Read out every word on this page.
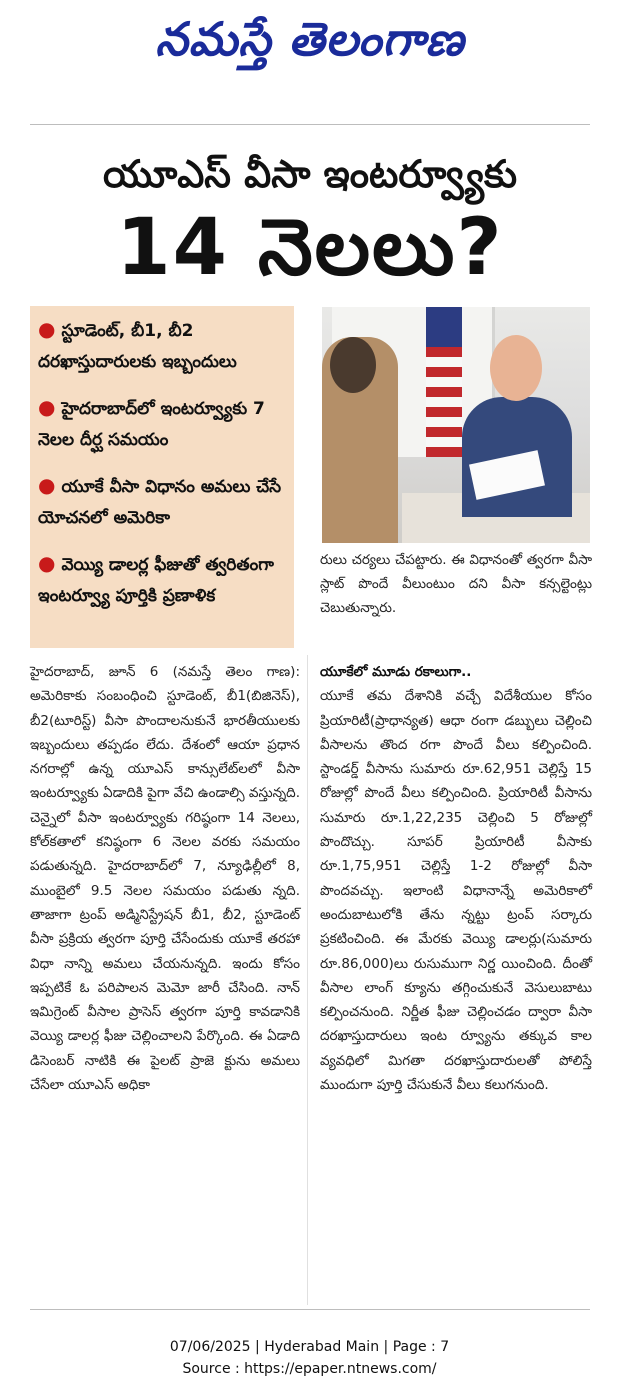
నమస్తే తెలంగాణ
యూఎస్ వీసా ఇంటర్వ్యూకు
14 నెలలు?
● స్టూడెంట్, బీ1, బీ2 దరఖాస్తుదారులకు ఇబ్బందులు
● హైదరాబాద్‌లో ఇంటర్వ్యూకు 7 నెలల దీర్ఘ సమయం
● యూకే వీసా విధానం అమలు చేసే యోచనలో అమెరికా
● వెయ్యి డాలర్ల ఫీజుతో త్వరితంగా ఇంటర్వ్యూ పూర్తికి ప్రణాళిక
రులు చర్యలు చేపట్టారు. ఈ విధానంతో త్వరగా వీసా స్లాట్ పొందే వీలుంటుం దని వీసా కన్సల్టెంట్లు చెబుతున్నారు.
హైదరాబాద్, జూన్ 6 (నమస్తే తెలం గాణ): అమెరికాకు సంబంధించి స్టూడెంట్, బీ1(బిజినెస్), బీ2(టూరిస్ట్) వీసా పొందాలనుకునే భారతీయులకు ఇబ్బందులు తప్పడం లేదు. దేశంలో ఆయా ప్రధాన నగరాల్లో ఉన్న యూఎస్ కాన్సులేట్‌లలో వీసా ఇంటర్వ్యూకు ఏడాదికి పైగా వేచి ఉండాల్సి వస్తున్నది. చెన్నైలో వీసా ఇంటర్వ్యూకు గరిష్ఠంగా 14 నెలలు, కోల్‌కతాలో కనిష్ఠంగా 6 నెలల వరకు సమయం పడుతున్నది. హైదరాబాద్‌లో 7, న్యూఢిల్లీలో 8, ముంబైలో 9.5 నెలల సమయం పడుతు న్నది. తాజాగా ట్రంప్ అడ్మినిస్ట్రేషన్ బీ1, బీ2, స్టూడెంట్ వీసా ప్రక్రియ త్వరగా పూర్తి చేసేందుకు యూకే తరహా విధా నాన్ని అమలు చేయనున్నది. ఇందు కోసం ఇప్పటికే ఓ పరిపాలన మెమో జారీ చేసింది. నాన్ ఇమిగ్రెంట్ వీసాల ప్రాసెస్ త్వరగా పూర్తి కావడానికి వెయ్యి డాలర్ల ఫీజు చెల్లించాలని పేర్కొంది. ఈ ఏడాది డిసెంబర్ నాటికి ఈ పైలట్ ప్రాజె క్టును అమలు చేసేలా యూఎస్ అధికా
యూకేలో మూడు రకాలుగా..
యూకే తమ దేశానికి వచ్చే విదేశీయుల కోసం ప్రియారిటీ(ప్రాధాన్యత) ఆధా రంగా డబ్బులు చెల్లించి వీసాలను తొంద రగా పొందే వీలు కల్పించింది. స్టాండర్డ్ వీసాను సుమారు రూ.62,951 చెల్లిస్తే 15 రోజుల్లో పొందే వీలు కల్పించింది. ప్రియారిటీ వీసాను సుమారు రూ.1,22,235 చెల్లించి 5 రోజుల్లో పొందొచ్చు. సూపర్ ప్రియారిటీ వీసాకు రూ.1,75,951 చెల్లిస్తే 1-2 రోజుల్లో వీసా పొందవచ్చు. ఇలాంటి విధానాన్నే అమెరికాలో అందుబాటులోకి తేను న్నట్టు ట్రంప్ సర్కారు ప్రకటించింది. ఈ మేరకు వెయ్యి డాలర్లు(సుమారు రూ.86,000)లు రుసుముగా నిర్ణ యించింది. దీంతో వీసాల లాంగ్ క్యూను తగ్గించుకునే వెసులుబాటు కల్పించనుంది. నిర్ణీత ఫీజు చెల్లించడం ద్వారా వీసా దరఖాస్తుదారులు ఇంట ర్వ్యూను తక్కువ కాల వ్యవధిలో మిగతా దరఖాస్తుదారులతో పోలిస్తే ముందుగా పూర్తి చేసుకునే వీలు కలుగనుంది.
07/06/2025 | Hyderabad Main | Page : 7
Source : https://epaper.ntnews.com/
